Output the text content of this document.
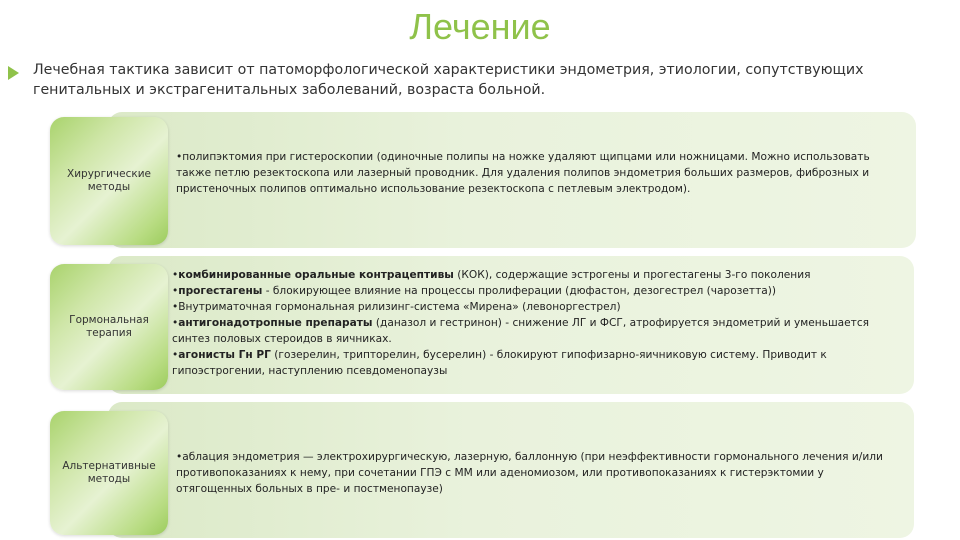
Лечение
Лечебная тактика зависит от патоморфологической характеристики эндометрия, этиологии, сопутствующих генитальных и экстрагенитальных заболеваний, возраста больной.
Хирургические
методы

•полипэктомия при гистероскопии (одиночные полипы на ножке удаляют щипцами или ножницами. Можно использовать также петлю резектоскопа или лазерный проводник. Для удаления полипов эндометрия больших размеров, фиброзных и пристеночных полипов оптимально использование резектоскопа с петлевым электродом).

Гормональная
терапия

•комбинированные оральные контрацептивы (КОК), содержащие эстрогены и прогестагены 3-го поколения

•прогестагены - блокирующее влияние на процессы пролиферации (дюфастон, дезогестрел (чарозетта))

•Внутриматочная гормональная рилизинг-система «Мирена» (левоноргестрел)

•антигонадотропные препараты (даназол и гестринон) - снижение ЛГ и ФСГ, атрофируется эндометрий и уменьшается синтез половых стероидов в яичниках.

•агонисты Гн РГ (гозерелин, трипторелин, бусерелин) - блокируют гипофизарно-яичниковую систему. Приводит к гипоэстрогении, наступлению псевдоменопаузы

Альтернативные
методы

•аблация эндометрия — электрохирургическую, лазерную, баллонную (при неэффективности гормонального лечения и/или противопоказаниях к нему, при сочетании ГПЭ с ММ или аденомиозом, или противопоказаниях к гистерэктомии у отягощенных больных в пре- и постменопаузе)
